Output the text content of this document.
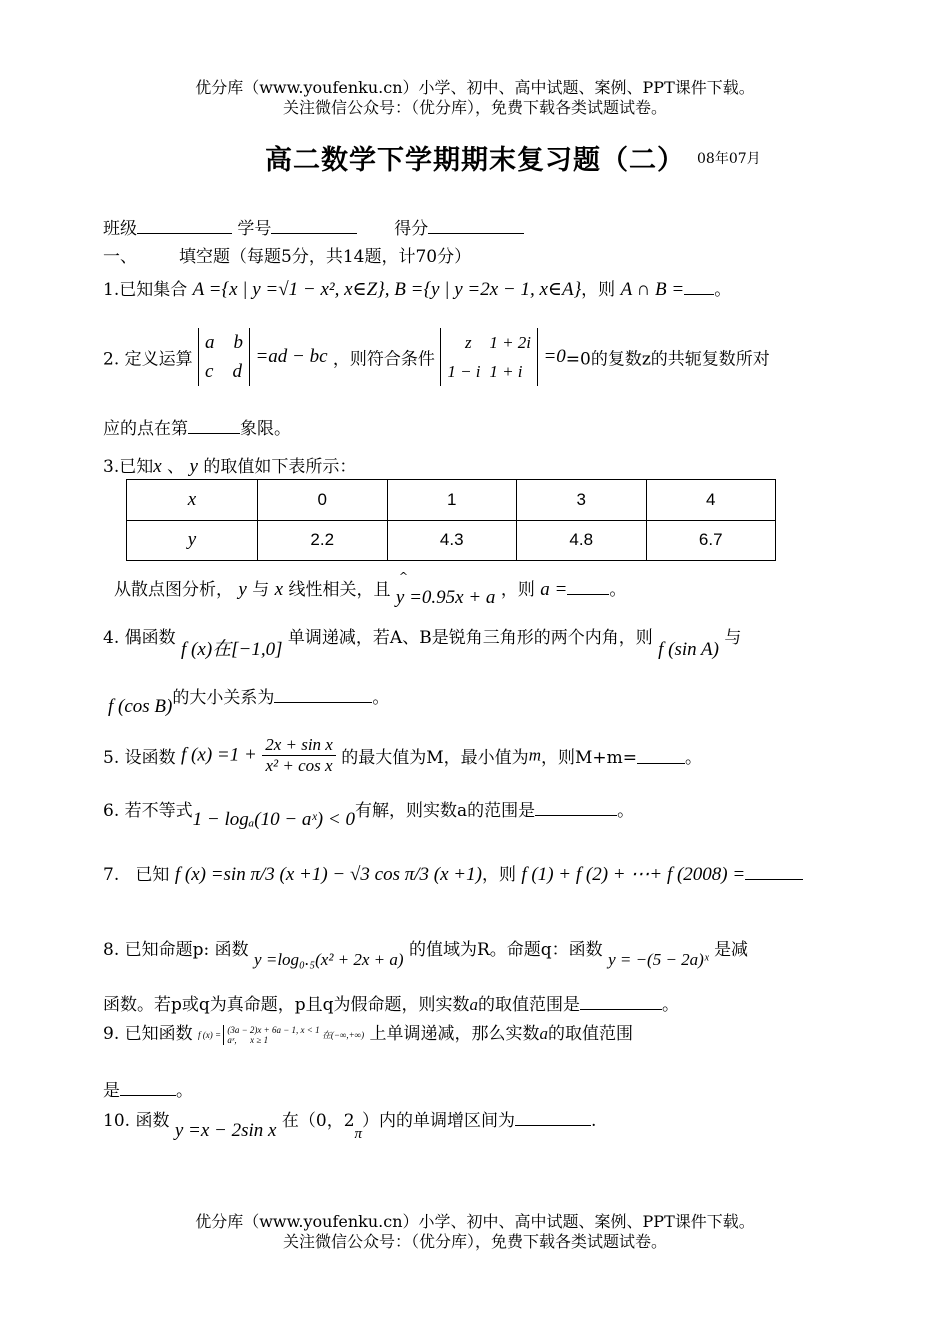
优分库（www.youfenku.cn）小学、初中、高中试题、案例、PPT课件下载。
关注微信公众号：（优分库），免费下载各类试题试卷。
高二数学下学期期末复习题（二） 08年07月
班级	学号	得分
一、 填空题（每题5分，共14题，计70分）
1.已知集合 A ={x | y =√1 − x², x∈Z}, B ={y | y =2x − 1, x∈A}，则 A ∩ B = 。
2. 定义运算 a b
c d =ad − bc ，则符合条件 z 1 + 2i
1 − i 1 + i =0=0的复数z的共轭复数所对
应的点在第	象限。
3.已知x 、 y 的取值如下表所示：
x	0	1	3	4
y	2.2	4.3	4.8	6.7
从散点图分析， y 与 x 线性相关，且
^
y =0.95x + a ，则 a = 。
4. 偶函数 f (x)在[−1,0] 单调递减，若A、B是锐角三角形的两个内角，则 f (sin A) 与
f (cos B)的大小关系为	。
5. 设函数 f $(x) =1 + \frac{\text{2x + sin x}}{\text{x² + cos x}}$ 的最大值为M，最小值为m，则M+m=	。
6. 若不等式1 − logₐ(10 − aˣ) < 0有解，则实数a的范围是	。
7.   已知 f (x) =sin π/3 (x +1) − √3 cos π/3 (x +1)，则 f (1) + f (2) + ⋯+ f (2008) =
8. 已知命题p: 函数 y =log₀.₅(x² + 2x + a) 的值域为R。命题q：函数 y = −(5 − 2a)ˣ 是减
函数。若p或q为真命题，p且q为假命题，则实数a的取值范围是	。
9. 已知函数 f (x) = (3a − 2)x + 6a − 1, x < 1
aˣ,      x ≥ 1	在(−∞,+∞) 上单调递减，那么实数a的取值范围
是	。
10. 函数 y =x − 2sin x 在（0，2π）内的单调增区间为	.
优分库（www.youfenku.cn）小学、初中、高中试题、案例、PPT课件下载。
关注微信公众号：（优分库），免费下载各类试题试卷。
